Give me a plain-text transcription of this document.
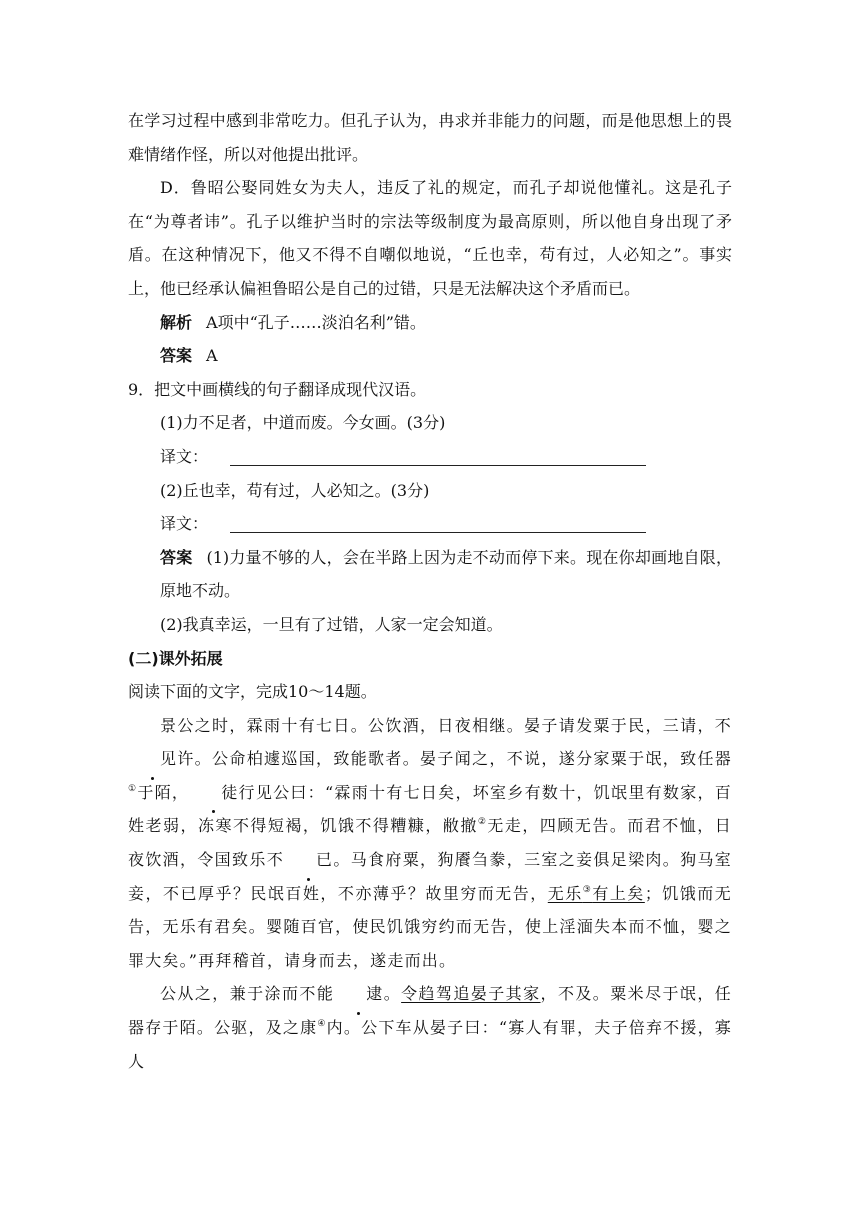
在学习过程中感到非常吃力。但孔子认为，冉求并非能力的问题，而是他思想上的畏难情绪作怪，所以对他提出批评。

D．鲁昭公娶同姓女为夫人，违反了礼的规定，而孔子却说他懂礼。这是孔子在“为尊者讳”。孔子以维护当时的宗法等级制度为最高原则，所以他自身出现了矛盾。在这种情况下，他又不得不自嘲似地说，“丘也幸，苟有过，人必知之”。事实上，他已经承认偏袒鲁昭公是自己的过错，只是无法解决这个矛盾而已。

解析 A项中“孔子……淡泊名利”错。

答案 A

9．把文中画横线的句子翻译成现代汉语。

(1)力不足者，中道而废。今女画。(3分)

译文：

(2)丘也幸，苟有过，人必知之。(3分)

译文：

答案 (1)力量不够的人，会在半路上因为走不动而停下来。现在你却画地自限，原地不动。

(2)我真幸运，一旦有了过错，人家一定会知道。

(二)课外拓展

阅读下面的文字，完成10～14题。

景公之时，霖雨十有七日。公饮酒，日夜相继。晏子请发粟于民，三请，不见许。公命柏遽巡国，致能歌者。晏子闻之，不说，遂分家粟于氓，致任器①于陌， 徒行见公曰：“霖雨十有七日矣，坏室乡有数十，饥氓里有数家，百姓老弱，冻寒不得短褐，饥饿不得糟糠，敝撤②无走，四顾无告。而君不恤，日夜饮酒，令国致乐不 已。马食府粟，狗餍刍豢，三室之妾俱足梁肉。狗马室妾，不已厚乎？民氓百姓，不亦薄乎？故里穷而无告，无乐③有上矣；饥饿而无告，无乐有君矣。婴随百官，使民饥饿穷约而无告，使上淫湎失本而不恤，婴之罪大矣。”再拜稽首，请身而去，遂走而出。

公从之，兼于涂而不能 逮。令趋驾追晏子其家，不及。粟米尽于氓，任器存于陌。公驱，及之康④内。公下车从晏子曰：“寡人有罪，夫子倍弃不援，寡人
